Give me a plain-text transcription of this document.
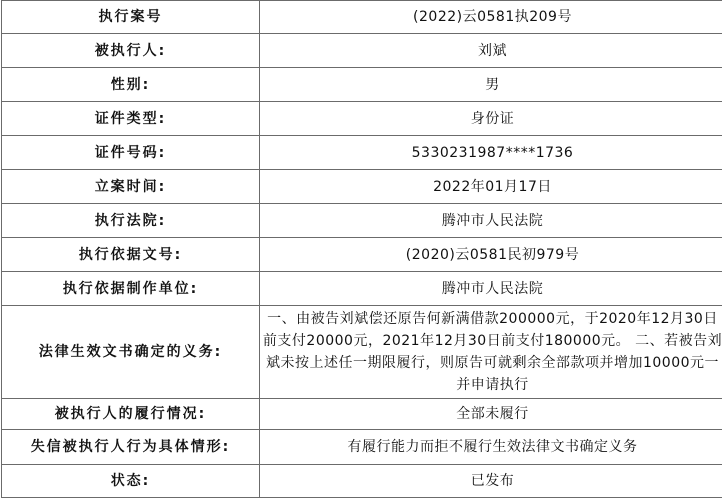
执行案号	(2022)云0581执209号
被执行人:	刘斌
性别:	男
证件类型:	身份证
证件号码:	5330231987****1736
立案时间:	2022年01月17日
执行法院:	腾冲市人民法院
执行依据文号:	(2020)云0581民初979号
执行依据制作单位:	腾冲市人民法院
法律生效文书确定的义务:	一、由被告刘斌偿还原告何新满借款200000元，于2020年12月30日前支付20000元，2021年12月30日前支付180000元。 二、若被告刘斌未按上述任一期限履行，则原告可就剩余全部款项并增加10000元一并申请执行
被执行人的履行情况:	全部未履行
失信被执行人行为具体情形:	有履行能力而拒不履行生效法律文书确定义务
状态:	已发布
